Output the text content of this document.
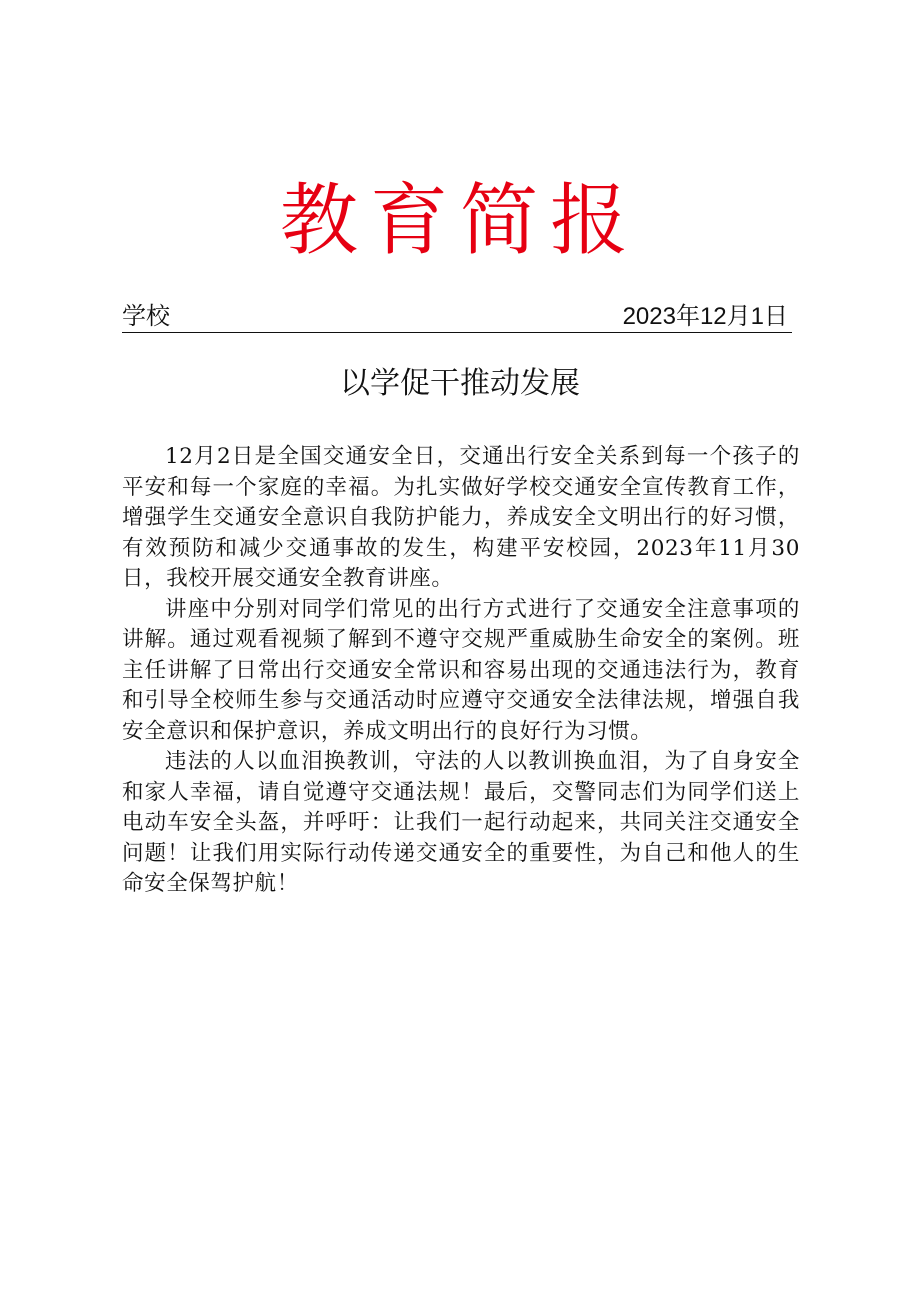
教育简报
学校	2023年12月1日
以学促干推动发展

12月2日是全国交通安全日，交通出行安全关系到每一个孩子的平安和每一个家庭的幸福。为扎实做好学校交通安全宣传教育工作，增强学生交通安全意识自我防护能力，养成安全文明出行的好习惯，有效预防和减少交通事故的发生，构建平安校园，2023年11月30日，我校开展交通安全教育讲座。

讲座中分别对同学们常见的出行方式进行了交通安全注意事项的讲解。通过观看视频了解到不遵守交规严重威胁生命安全的案例。班主任讲解了日常出行交通安全常识和容易出现的交通违法行为，教育和引导全校师生参与交通活动时应遵守交通安全法律法规，增强自我安全意识和保护意识，养成文明出行的良好行为习惯。

违法的人以血泪换教训，守法的人以教训换血泪，为了自身安全和家人幸福，请自觉遵守交通法规！最后，交警同志们为同学们送上电动车安全头盔，并呼吁：让我们一起行动起来，共同关注交通安全问题！让我们用实际行动传递交通安全的重要性，为自己和他人的生命安全保驾护航！
